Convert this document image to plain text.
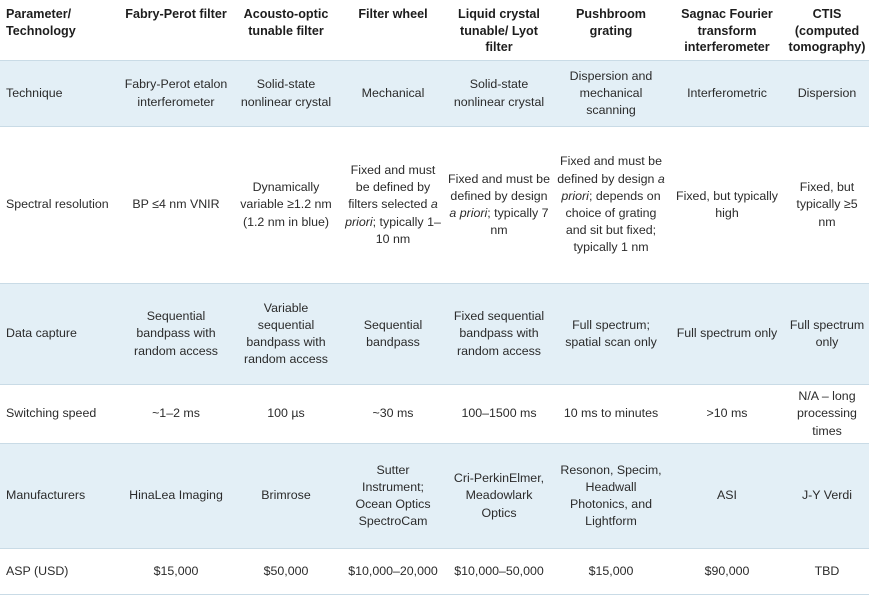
Parameter/ Technology	Fabry-Perot filter	Acousto-optic tunable filter	Filter wheel	Liquid crystal tunable/ Lyot filter	Pushbroom grating	Sagnac Fourier transform interferometer	CTIS (computed tomography)
Technique	Fabry-Perot etalon interferometer	Solid-state nonlinear crystal	Mechanical	Solid-state nonlinear crystal	Dispersion and mechanical scanning	Interferometric	Dispersion
Spectral resolution	BP ≤4 nm VNIR	Dynamically variable ≥1.2 nm (1.2 nm in blue)	Fixed and must be defined by filters selected a priori; typically 1–10 nm	Fixed and must be defined by design a priori; typically 7 nm	Fixed and must be defined by design a priori; depends on choice of grating and sit but fixed; typically 1 nm	Fixed, but typically high	Fixed, but typically ≥5 nm
Data capture	Sequential bandpass with random access	Variable sequential bandpass with random access	Sequential bandpass	Fixed sequential bandpass with random access	Full spectrum; spatial scan only	Full spectrum only	Full spectrum only
Switching speed	~1–2 ms	100 µs	~30 ms	100–1500 ms	10 ms to minutes	>10 ms	N/A – long processing times
Manufacturers	HinaLea Imaging	Brimrose	Sutter Instrument; Ocean Optics SpectroCam	Cri-PerkinElmer, Meadowlark Optics	Resonon, Specim, Headwall Photonics, and Lightform	ASI	J-Y Verdi
ASP (USD)	$15,000	$50,000	$10,000–20,000	$10,000–50,000	$15,000	$90,000	TBD
